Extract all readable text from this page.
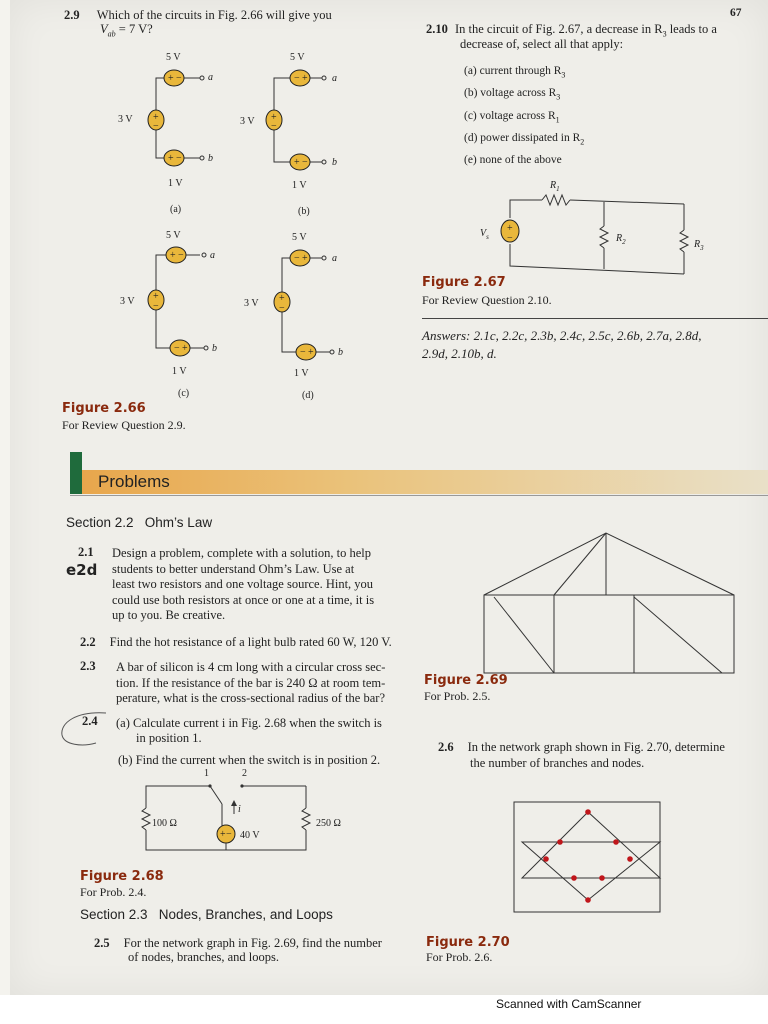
67
2.9 Which of the circuits in Fig. 2.66 will give you
$V_{ab} = 7$ V?
+ −
+
−
+ −
a
b
5 V
3 V
1 V
(a)
− +
+
−
+ −
a
b
5 V
3 V
1 V
(b)
+ −
+
−
− +
a
b
5 V
3 V
1 V
(c)
− +
+
−
− +
a
b
5 V
3 V
1 V
(d)
Figure 2.66
For Review Question 2.9.
2.10 In the circuit of Fig. 2.67, a decrease in $R_3$ leads to a
decrease of, select all that apply:
(a) current through $R_3$
(b) voltage across $R_3$
(c) voltage across $R_1$
(d) power dissipated in $R_2$
(e) none of the above
+
−
$V_s$
$R_1$
$R_2$	$R_3$
Figure 2.67
For Review Question 2.10.
Answers: 2.1c, 2.2c, 2.3b, 2.4c, 2.5c, 2.6b, 2.7a, 2.8d,
2.9d, 2.10b, d.
Problems
Section 2.2   Ohm’s Law
2.1
e2d
Design a problem, complete with a solution, to help
students to better understand Ohm’s Law. Use at
least two resistors and one voltage source. Hint, you
could use both resistors at once or one at a time, it is
up to you. Be creative.
2.2 Find the hot resistance of a light bulb rated 60 W, 120 V.
2.3 A bar of silicon is 4 cm long with a circular cross sec-
tion. If the resistance of the bar is 240 Ω at room tem-
perature, what is the cross-sectional radius of the bar?
2.4 (a) Calculate current i in Fig. 2.68 when the switch is
in position 1.
(b) Find the current when the switch is in position 2.
1	2
i
+ −
100 Ω	250 Ω
40 V
Figure 2.68
For Prob. 2.4.
Section 2.3   Nodes, Branches, and Loops
2.5 For the network graph in Fig. 2.69, find the number
of nodes, branches, and loops.
Figure 2.69
For Prob. 2.5.
2.6 In the network graph shown in Fig. 2.70, determine
the number of branches and nodes.
Figure 2.70
For Prob. 2.6.
Scanned with CamScanner
